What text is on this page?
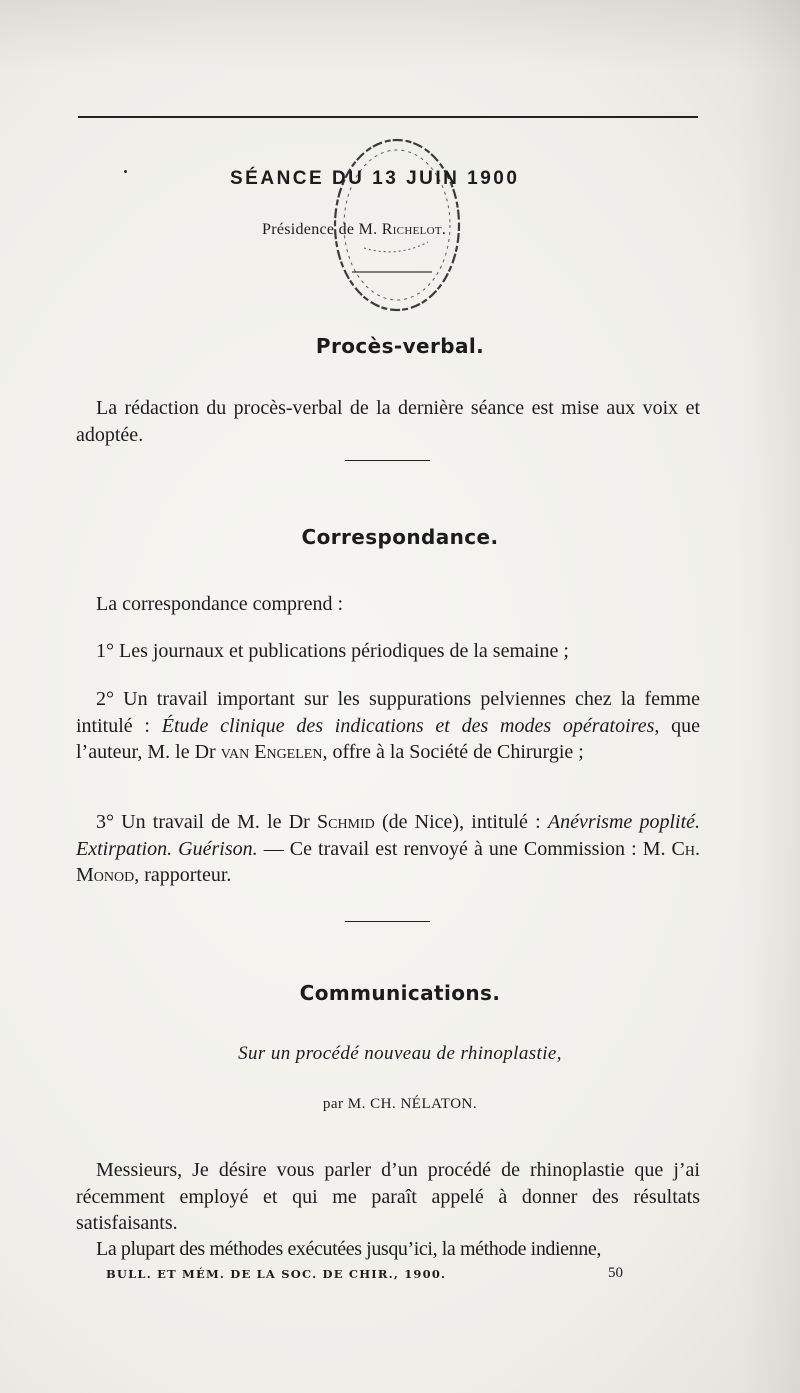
SÉANCE DU 13 JUIN 1900
Présidence de M. Richelot.
Procès-verbal.
La rédaction du procès-verbal de la dernière séance est mise aux voix et adoptée.
Correspondance.
La correspondance comprend :
1° Les journaux et publications périodiques de la semaine ;
2° Un travail important sur les suppurations pelviennes chez la femme intitulé : Étude clinique des indications et des modes opératoires, que l’auteur, M. le Dr van Engelen, offre à la Société de Chirurgie ;
3° Un travail de M. le Dr Schmid (de Nice), intitulé : Anévrisme poplité. Extirpation. Guérison. — Ce travail est renvoyé à une Commission : M. Ch. Monod, rapporteur.
Communications.
Sur un procédé nouveau de rhinoplastie,
par M. CH. NÉLATON.
Messieurs, Je désire vous parler d’un procédé de rhinoplastie que j’ai récemment employé et qui me paraît appelé à donner des résultats satisfaisants.
La plupart des méthodes exécutées jusqu’ici, la méthode indienne,
BULL. ET MÉM. DE LA SOC. DE CHIR., 1900.	50
